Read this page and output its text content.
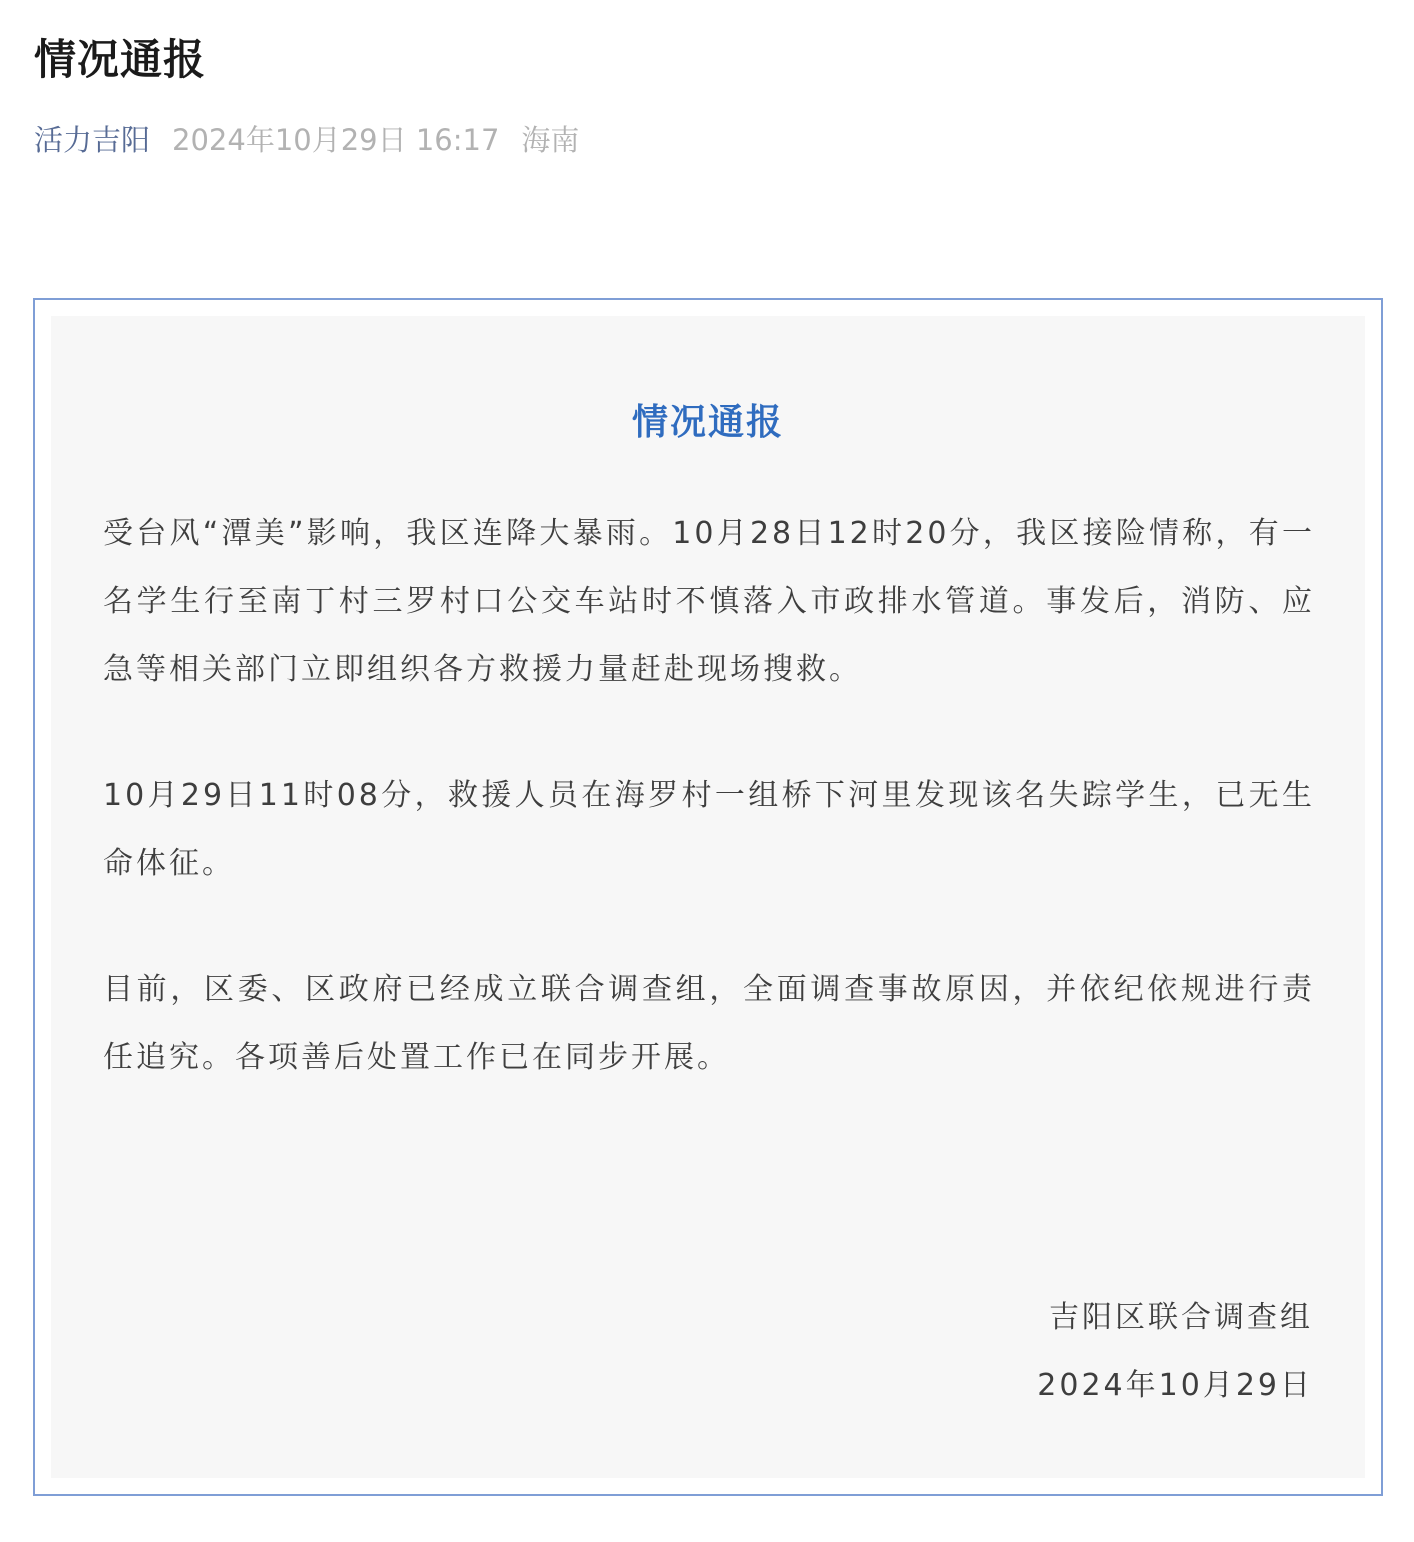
情况通报
活力吉阳 2024年10月29日 16:17 海南
情况通报

受台风“潭美”影响，我区连降大暴雨。10月28日12时20分，我区接险情称，有一名学生行至南丁村三罗村口公交车站时不慎落入市政排水管道。事发后，消防、应急等相关部门立即组织各方救援力量赶赴现场搜救。

10月29日11时08分，救援人员在海罗村一组桥下河里发现该名失踪学生，已无生命体征。

目前，区委、区政府已经成立联合调查组，全面调查事故原因，并依纪依规进行责任追究。各项善后处置工作已在同步开展。

吉阳区联合调查组
2024年10月29日
